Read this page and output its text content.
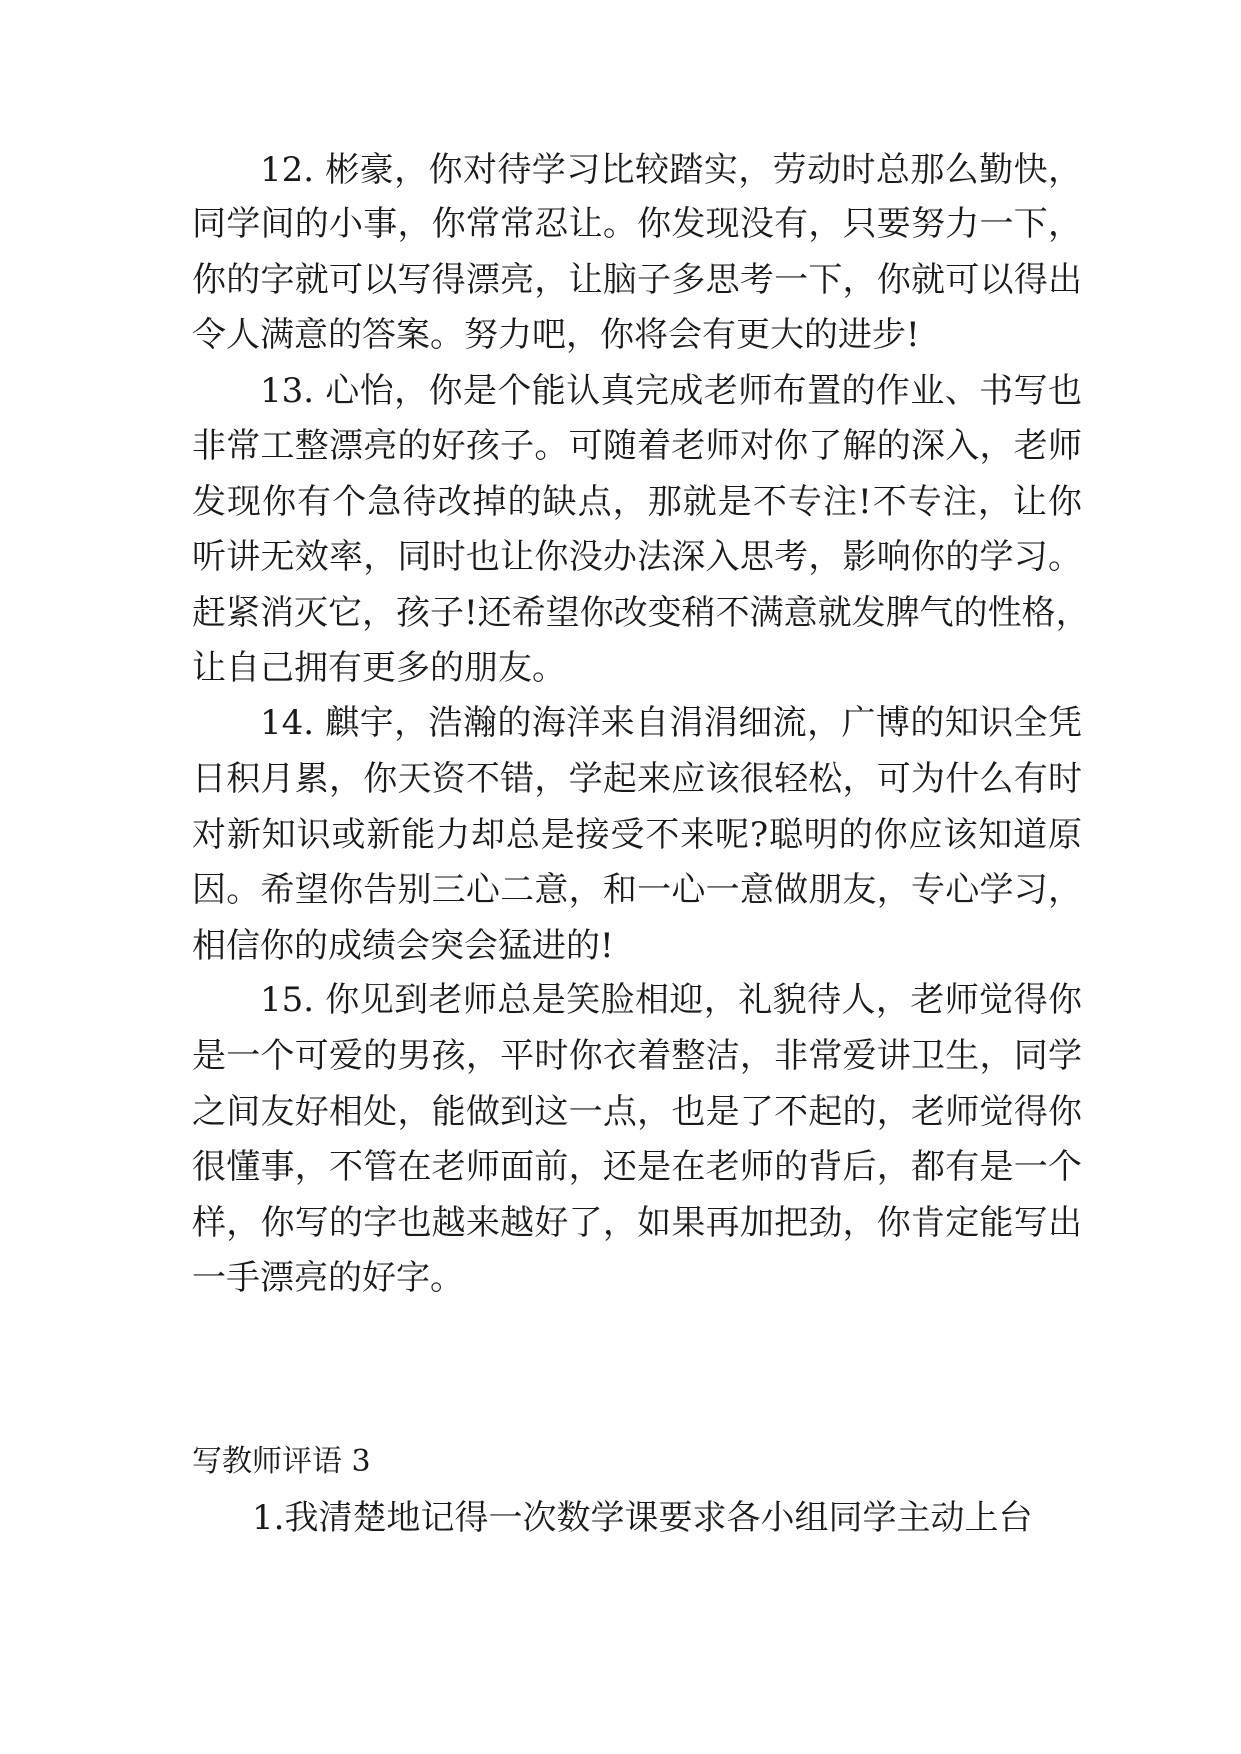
12. 彬豪，你对待学习比较踏实，劳动时总那么勤快，
同学间的小事，你常常忍让。你发现没有，只要努力一下，
你的字就可以写得漂亮，让脑子多思考一下，你就可以得出
令人满意的答案。努力吧，你将会有更大的进步!
13. 心怡，你是个能认真完成老师布置的作业、书写也
非常工整漂亮的好孩子。可随着老师对你了解的深入，老师
发现你有个急待改掉的缺点，那就是不专注!不专注，让你
听讲无效率，同时也让你没办法深入思考，影响你的学习。
赶紧消灭它，孩子!还希望你改变稍不满意就发脾气的性格，
让自己拥有更多的朋友。
14. 麒宇，浩瀚的海洋来自涓涓细流，广博的知识全凭
日积月累，你天资不错，学起来应该很轻松，可为什么有时
对新知识或新能力却总是接受不来呢?聪明的你应该知道原
因。希望你告别三心二意，和一心一意做朋友，专心学习，
相信你的成绩会突会猛进的!
15. 你见到老师总是笑脸相迎，礼貌待人，老师觉得你
是一个可爱的男孩，平时你衣着整洁，非常爱讲卫生，同学
之间友好相处，能做到这一点，也是了不起的，老师觉得你
很懂事，不管在老师面前，还是在老师的背后，都有是一个
样，你写的字也越来越好了，如果再加把劲，你肯定能写出
一手漂亮的好字。
写教师评语 3
1.我清楚地记得一次数学课要求各小组同学主动上台
